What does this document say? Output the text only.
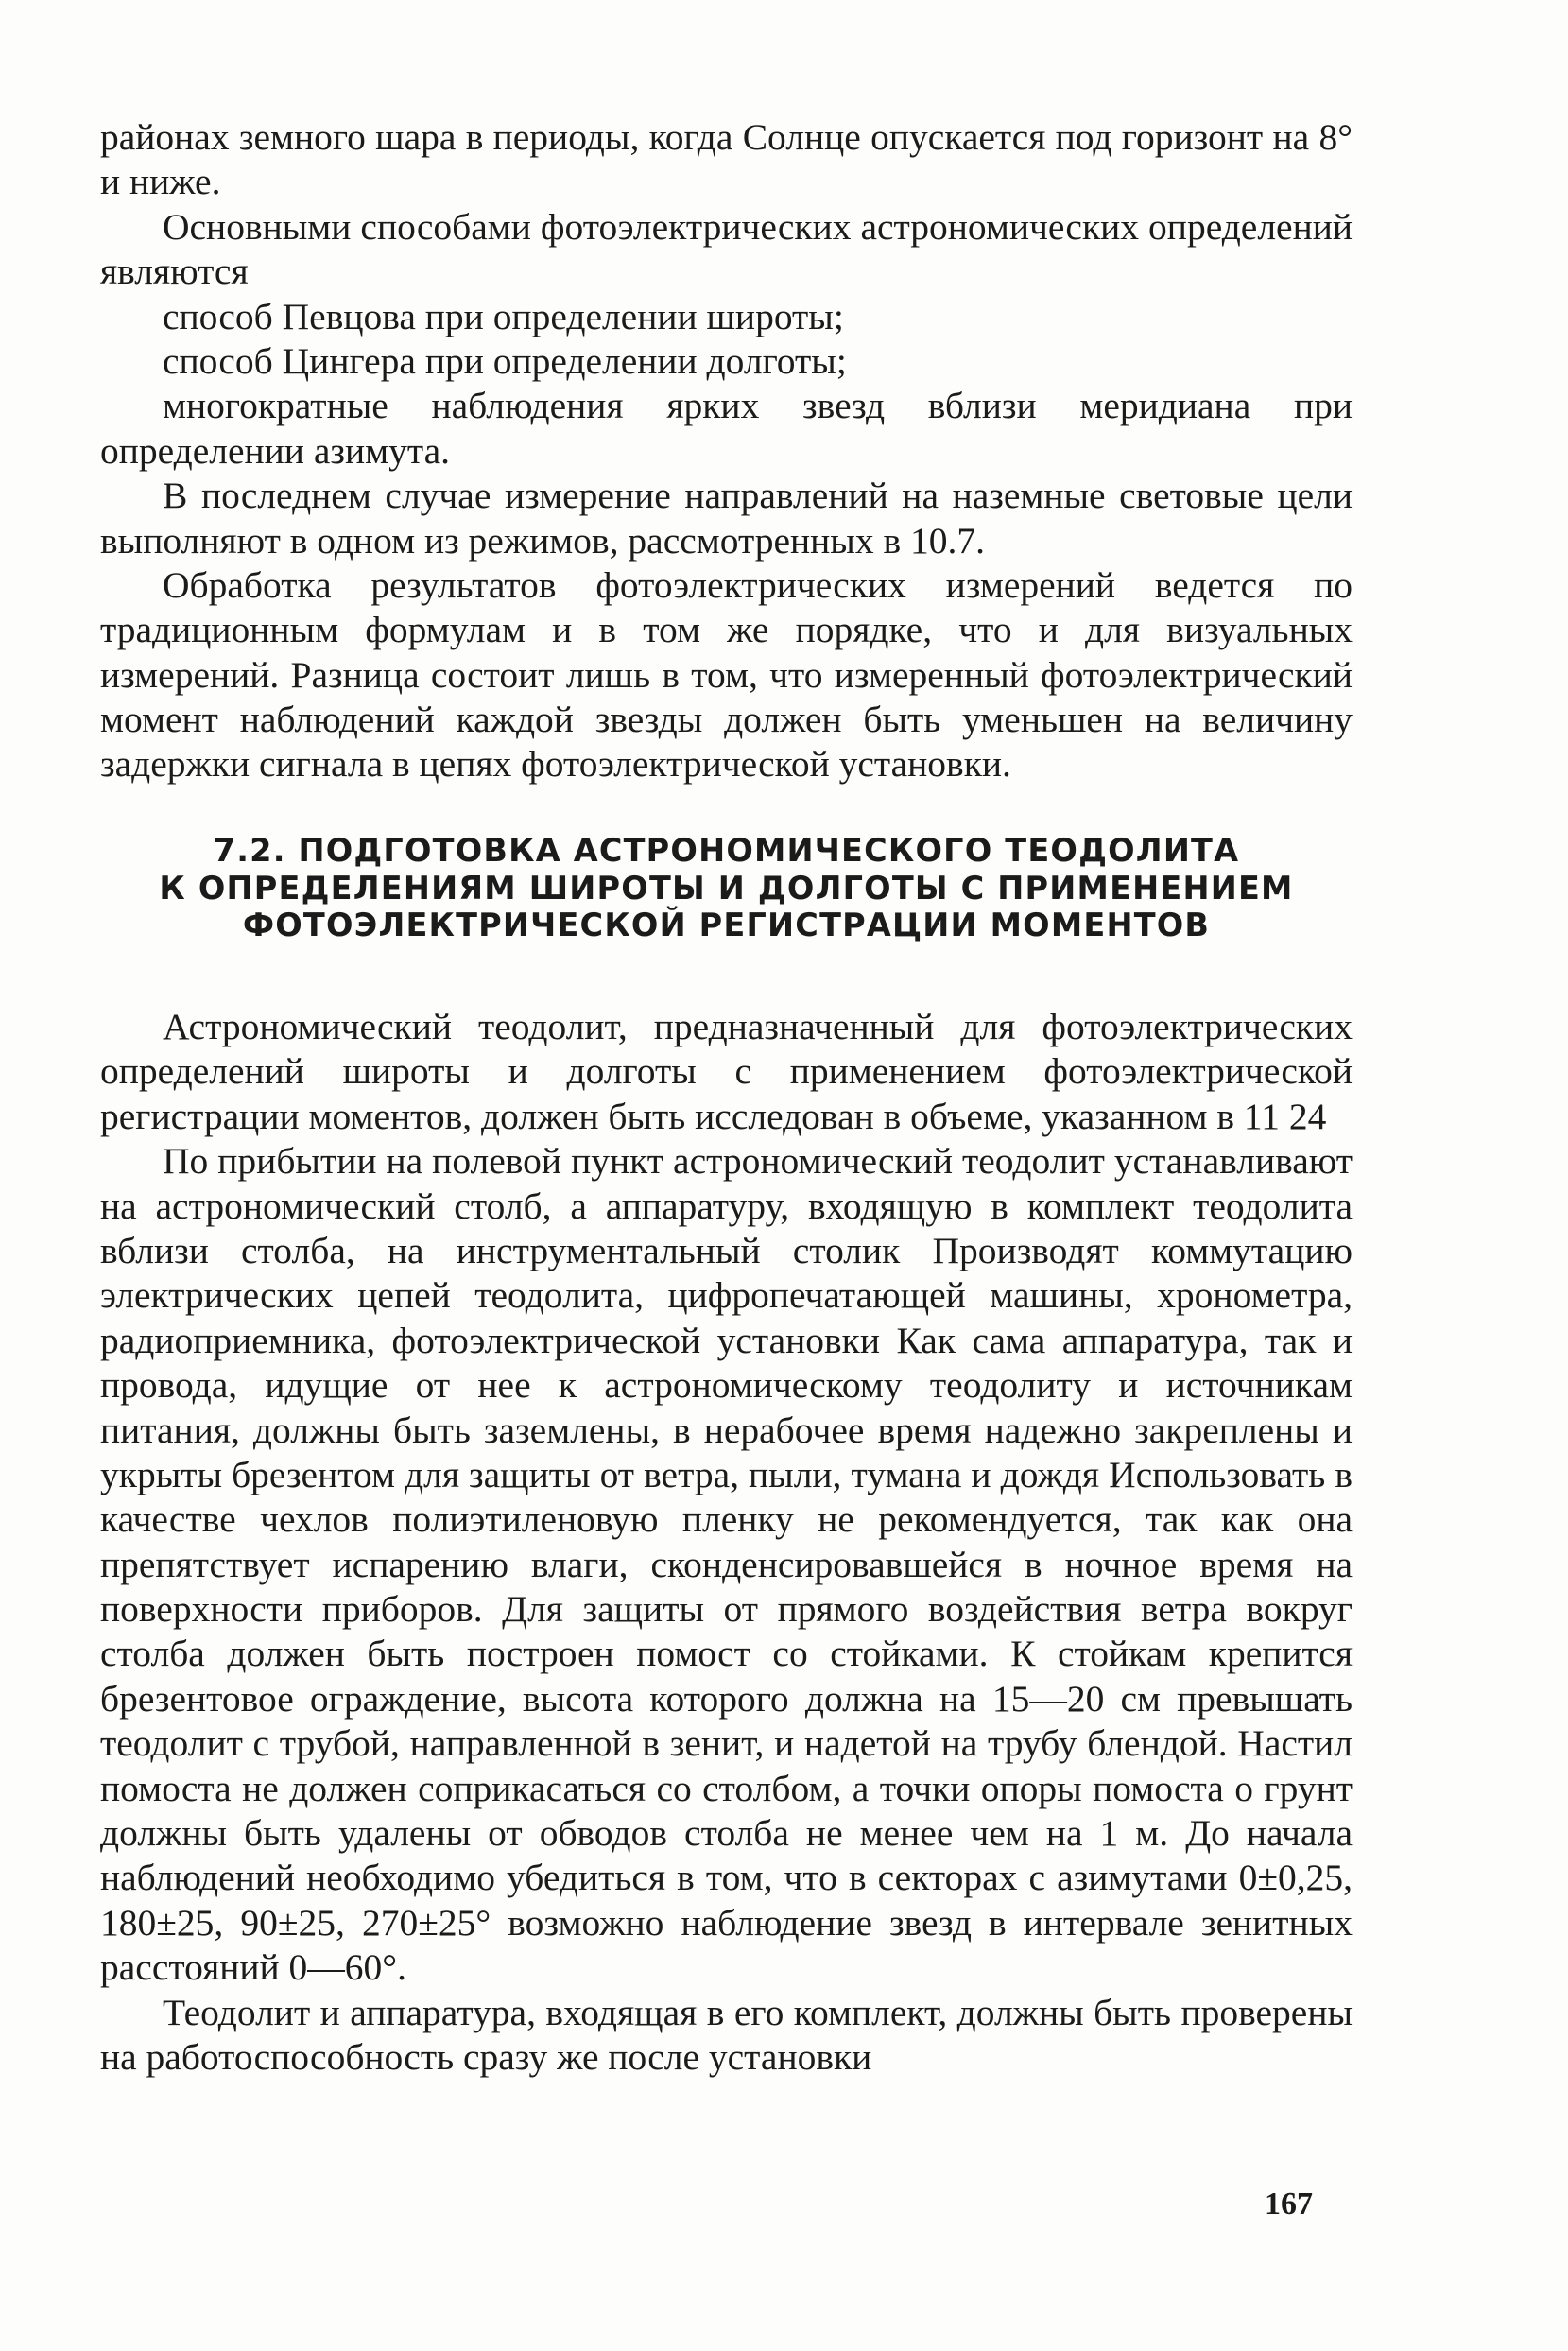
районах земного шара в периоды, когда Солнце опускается под горизонт на 8° и ниже.

Основными способами фотоэлектрических астрономических определений являются

способ Певцова при определении широты;

способ Цингера при определении долготы;

многократные наблюдения ярких звезд вблизи меридиана при определении азимута.

В последнем случае измерение направлений на наземные световые цели выполняют в одном из режимов, рассмотренных в 10.7.

Обработка результатов фотоэлектрических измерений ведется по традиционным формулам и в том же порядке, что и для визуальных измерений. Разница состоит лишь в том, что измеренный фотоэлектрический момент наблюдений каждой звезды должен быть уменьшен на величину задержки сигнала в цепях фотоэлектрической установки.

7.2. ПОДГОТОВКА АСТРОНОМИЧЕСКОГО ТЕОДОЛИТА
К ОПРЕДЕЛЕНИЯМ ШИРОТЫ И ДОЛГОТЫ С ПРИМЕНЕНИЕМ
ФОТОЭЛЕКТРИЧЕСКОЙ РЕГИСТРАЦИИ МОМЕНТОВ

Астрономический теодолит, предназначенный для фотоэлектрических определений широты и долготы с применением фотоэлектрической регистрации моментов, должен быть исследован в объеме, указанном в 11 24

По прибытии на полевой пункт астрономический теодолит устанавливают на астрономический столб, а аппаратуру, входящую в комплект теодолита вблизи столба, на инструментальный столик Производят коммутацию электрических цепей теодолита, цифропечатающей машины, хронометра, радиоприемника, фотоэлектрической установки Как сама аппаратура, так и провода, идущие от нее к астрономическому теодолиту и источникам питания, должны быть заземлены, в нерабочее время надежно закреплены и укрыты брезентом для защиты от ветра, пыли, тумана и дождя Использовать в качестве чехлов полиэтиленовую пленку не рекомендуется, так как она препятствует испарению влаги, сконденсировавшейся в ночное время на поверхности приборов. Для защиты от прямого воздействия ветра вокруг столба должен быть построен помост со стойками. К стойкам крепится брезентовое ограждение, высота которого должна на 15—20 см превышать теодолит с трубой, направленной в зенит, и надетой на трубу блендой. Настил помоста не должен соприкасаться со столбом, а точки опоры помоста о грунт должны быть удалены от обводов столба не менее чем на 1 м. До начала наблюдений необходимо убедиться в том, что в секторах с азимутами 0±0,25, 180±25, 90±25, 270±25° возможно наблюдение звезд в интервале зенитных расстояний 0—60°.

Теодолит и аппаратура, входящая в его комплект, должны быть проверены на работоспособность сразу же после установки

167
